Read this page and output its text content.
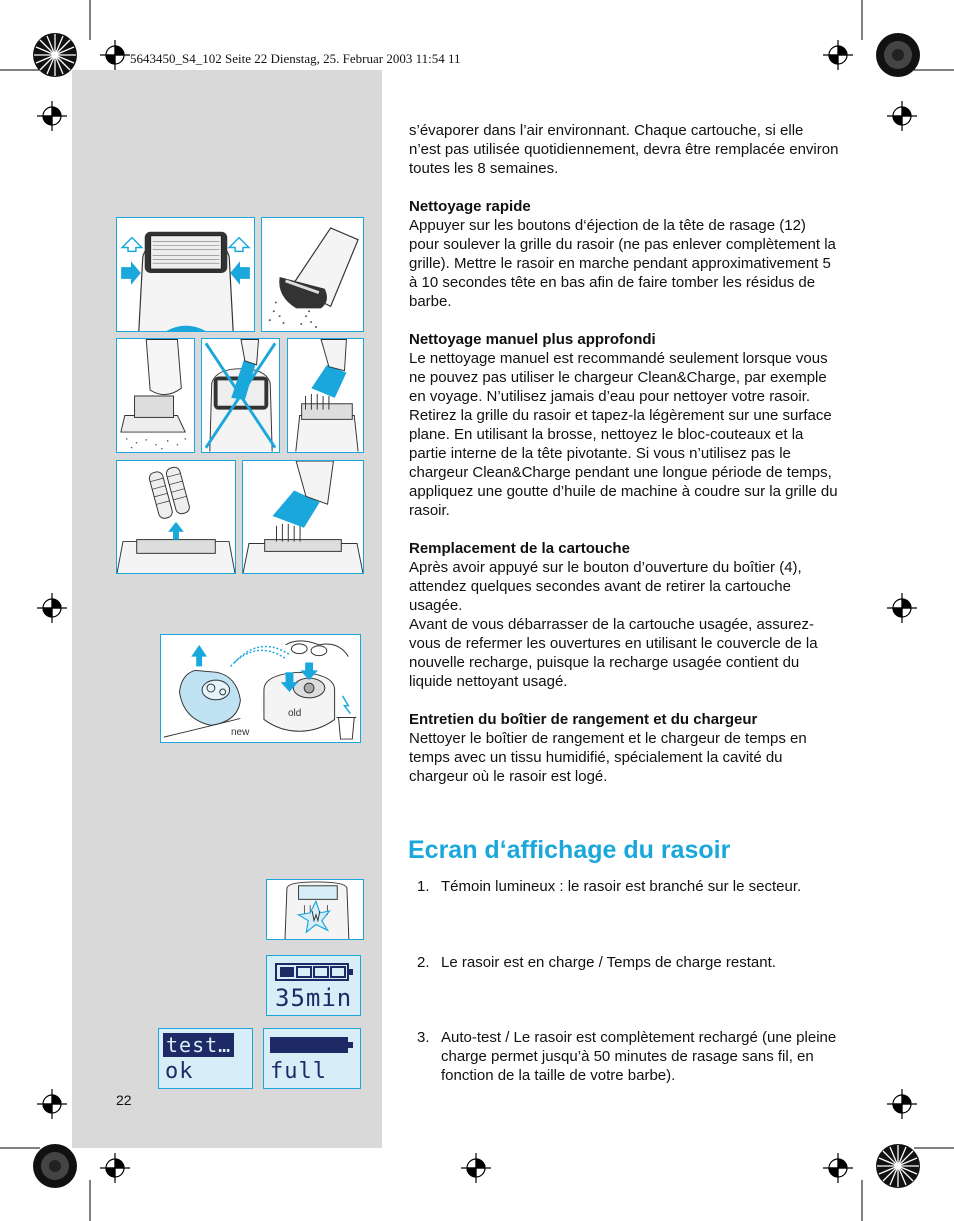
5643450_S4_102 Seite 22 Dienstag, 25. Februar 2003 11:54 11
new
old
35min
test…
ok	full

s’évaporer dans l’air environnant. Chaque cartouche, si elle n’est pas utilisée quotidiennement, devra être remplacée environ toutes les 8 semaines.

Nettoyage rapide

Appuyer sur les boutons d‘éjection de la tête de rasage (12) pour soulever la grille du rasoir (ne pas enlever complètement la grille). Mettre le rasoir en marche pendant approximativement 5 à 10 secondes tête en bas afin de faire tomber les résidus de barbe.

Nettoyage manuel plus approfondi

Le nettoyage manuel est recommandé seulement lorsque vous ne pouvez pas utiliser le chargeur Clean&Charge, par exemple en voyage. N’utilisez jamais d’eau pour nettoyer votre rasoir.

Retirez la grille du rasoir et tapez-la légèrement sur une surface plane. En utilisant la brosse, nettoyez le bloc-couteaux et la partie interne de la tête pivotante. Si vous n’utilisez pas le chargeur Clean&Charge pendant une longue période de temps, appliquez une goutte d’huile de machine à coudre sur la grille du rasoir.

Remplacement de la cartouche

Après avoir appuyé sur le bouton d’ouverture du boîtier (4), attendez quelques secondes avant de retirer la cartouche usagée.

Avant de vous débarrasser de la cartouche usagée, assurez-vous de refermer les ouvertures en utilisant le couvercle de la nouvelle recharge, puisque la recharge usagée contient du liquide nettoyant usagé.

Entretien du boîtier de rangement et du chargeur

Nettoyer le boîtier de rangement et le chargeur de temps en temps avec un tissu humidifié, spécialement la cavité du chargeur où le rasoir est logé.

Ecran d‘affichage du rasoir
1. Témoin lumineux : le rasoir est branché sur le secteur.
2. Le rasoir est en charge / Temps de charge restant.
3. Auto-test / Le rasoir est complètement rechargé (une pleine charge permet jusqu’à 50 minutes de rasage sans fil, en fonction de la taille de votre barbe).
22
